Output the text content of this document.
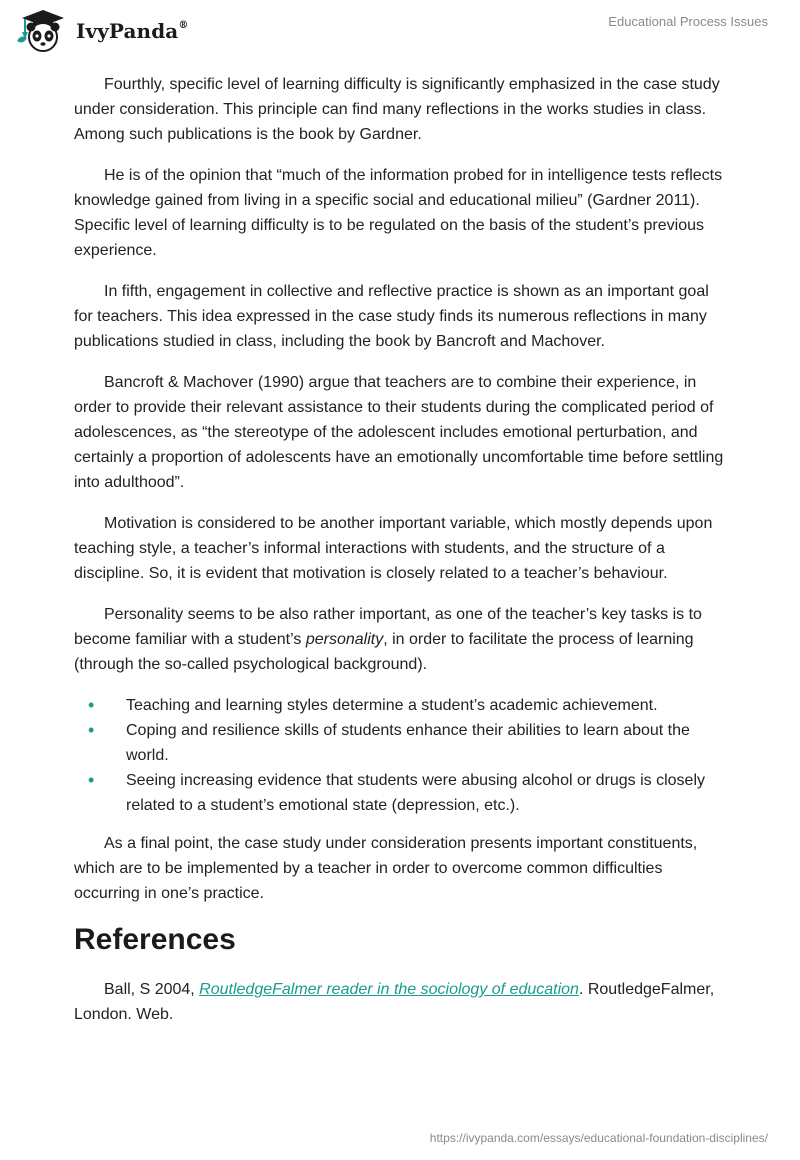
IvyPanda®	Educational Process Issues

Fourthly, specific level of learning difficulty is significantly emphasized in the case study under consideration. This principle can find many reflections in the works studies in class. Among such publications is the book by Gardner.

He is of the opinion that “much of the information probed for in intelligence tests reflects knowledge gained from living in a specific social and educational milieu” (Gardner 2011). Specific level of learning difficulty is to be regulated on the basis of the student’s previous experience.

In fifth, engagement in collective and reflective practice is shown as an important goal for teachers. This idea expressed in the case study finds its numerous reflections in many publications studied in class, including the book by Bancroft and Machover.

Bancroft & Machover (1990) argue that teachers are to combine their experience, in order to provide their relevant assistance to their students during the complicated period of adolescences, as “the stereotype of the adolescent includes emotional perturbation, and certainly a proportion of adolescents have an emotionally uncomfortable time before settling into adulthood”.

Motivation is considered to be another important variable, which mostly depends upon teaching style, a teacher’s informal interactions with students, and the structure of a discipline. So, it is evident that motivation is closely related to a teacher’s behaviour.

Personality seems to be also rather important, as one of the teacher’s key tasks is to become familiar with a student’s personality, in order to facilitate the process of learning (through the so-called psychological background).

• Teaching and learning styles determine a student’s academic achievement.
• Coping and resilience skills of students enhance their abilities to learn about the world.
• Seeing increasing evidence that students were abusing alcohol or drugs is closely related to a student’s emotional state (depression, etc.).

As a final point, the case study under consideration presents important constituents, which are to be implemented by a teacher in order to overcome common difficulties occurring in one’s practice.

References

Ball, S 2004, RoutledgeFalmer reader in the sociology of education. RoutledgeFalmer, London. Web.

https://ivypanda.com/essays/educational-foundation-disciplines/
